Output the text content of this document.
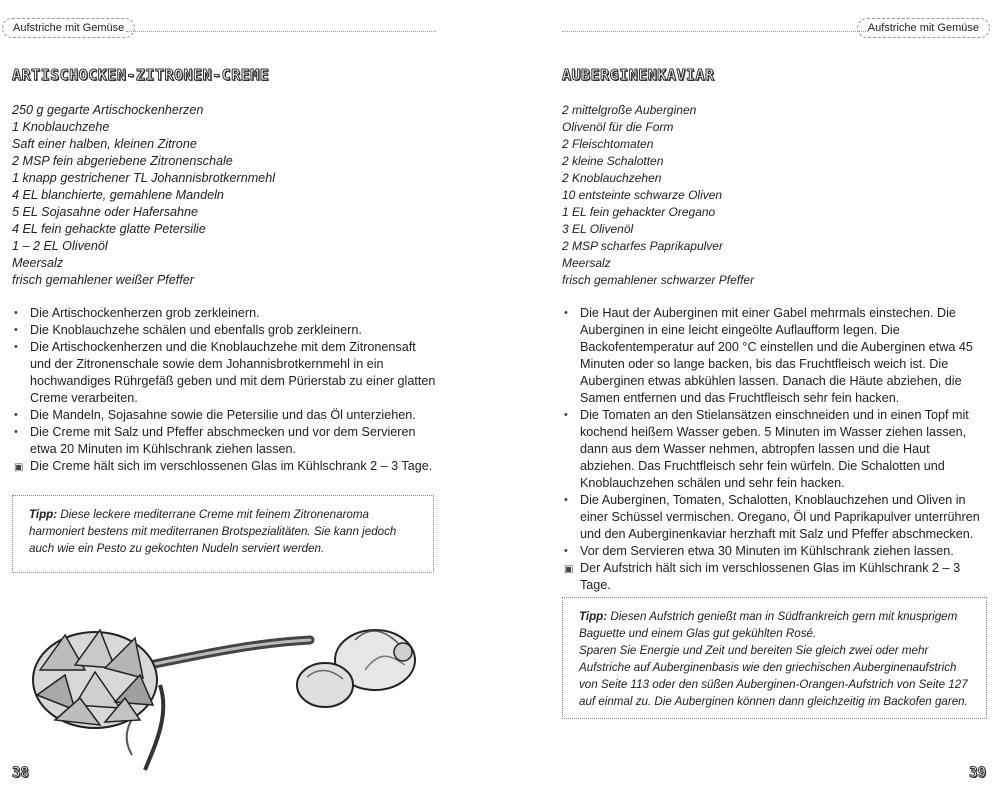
Aufstriche mit Gemüse
ARTISCHOCKEN-ZITRONEN-CREME
250 g gegarte Artischockenherzen
1 Knoblauchzehe
Saft einer halben, kleinen Zitrone
2 MSP fein abgeriebene Zitronenschale
1 knapp gestrichener TL Johannisbrotkernmehl
4 EL blanchierte, gemahlene Mandeln
5 EL Sojasahne oder Hafersahne
4 EL fein gehackte glatte Petersilie
1 – 2 EL Olivenöl
Meersalz
frisch gemahlener weißer Pfeffer
• Die Artischockenherzen grob zerkleinern.
• Die Knoblauchzehe schälen und ebenfalls grob zerkleinern.
• Die Artischockenherzen und die Knoblauchzehe mit dem Zitronensaft und der Zitronenschale sowie dem Johannisbrotkernmehl in ein hochwandiges Rührgefäß geben und mit dem Pürierstab zu einer glatten Creme verarbeiten.
• Die Mandeln, Sojasahne sowie die Petersilie und das Öl unterziehen.
• Die Creme mit Salz und Pfeffer abschmecken und vor dem Servieren etwa 20 Minuten im Kühlschrank ziehen lassen.
▣ Die Creme hält sich im verschlossenen Glas im Kühlschrank 2 – 3 Tage.

Tipp: Diese leckere mediterrane Creme mit feinem Zitronenaroma harmoniert bestens mit mediterranen Brotspezialitäten. Sie kann jedoch auch wie ein Pesto zu gekochten Nudeln serviert werden.

38
Aufstriche mit Gemüse
AUBERGINENKAVIAR
2 mittelgroße Auberginen
Olivenöl für die Form
2 Fleischtomaten
2 kleine Schalotten
2 Knoblauchzehen
10 entsteinte schwarze Oliven
1 EL fein gehackter Oregano
3 EL Olivenöl
2 MSP scharfes Paprikapulver
Meersalz
frisch gemahlener schwarzer Pfeffer
• Die Haut der Auberginen mit einer Gabel mehrmals einstechen. Die Auberginen in eine leicht eingeölte Auflaufform legen. Die Backofentemperatur auf 200 °C einstellen und die Auberginen etwa 45 Minuten oder so lange backen, bis das Fruchtfleisch weich ist. Die Auberginen etwas abkühlen lassen. Danach die Häute abziehen, die Samen entfernen und das Fruchtfleisch sehr fein hacken.
• Die Tomaten an den Stielansätzen einschneiden und in einen Topf mit kochend heißem Wasser geben. 5 Minuten im Wasser ziehen lassen, dann aus dem Wasser nehmen, abtropfen lassen und die Haut abziehen. Das Fruchtfleisch sehr fein würfeln. Die Schalotten und Knoblauchzehen schälen und sehr fein hacken.
• Die Auberginen, Tomaten, Schalotten, Knoblauchzehen und Oliven in einer Schüssel vermischen. Oregano, Öl und Paprikapulver unterrühren und den Auberginenkaviar herzhaft mit Salz und Pfeffer abschmecken.
• Vor dem Servieren etwa 30 Minuten im Kühlschrank ziehen lassen.
▣ Der Aufstrich hält sich im verschlossenen Glas im Kühlschrank 2 – 3 Tage.

Tipp: Diesen Aufstrich genießt man in Südfrankreich gern mit knusprigem Baguette und einem Glas gut gekühlten Rosé.

Sparen Sie Energie und Zeit und bereiten Sie gleich zwei oder mehr Aufstriche auf Auberginenbasis wie den griechischen Auberginenaufstrich von Seite 113 oder den süßen Auberginen-Orangen-Aufstrich von Seite 127 auf einmal zu. Die Auberginen können dann gleichzeitig im Backofen garen.

39
